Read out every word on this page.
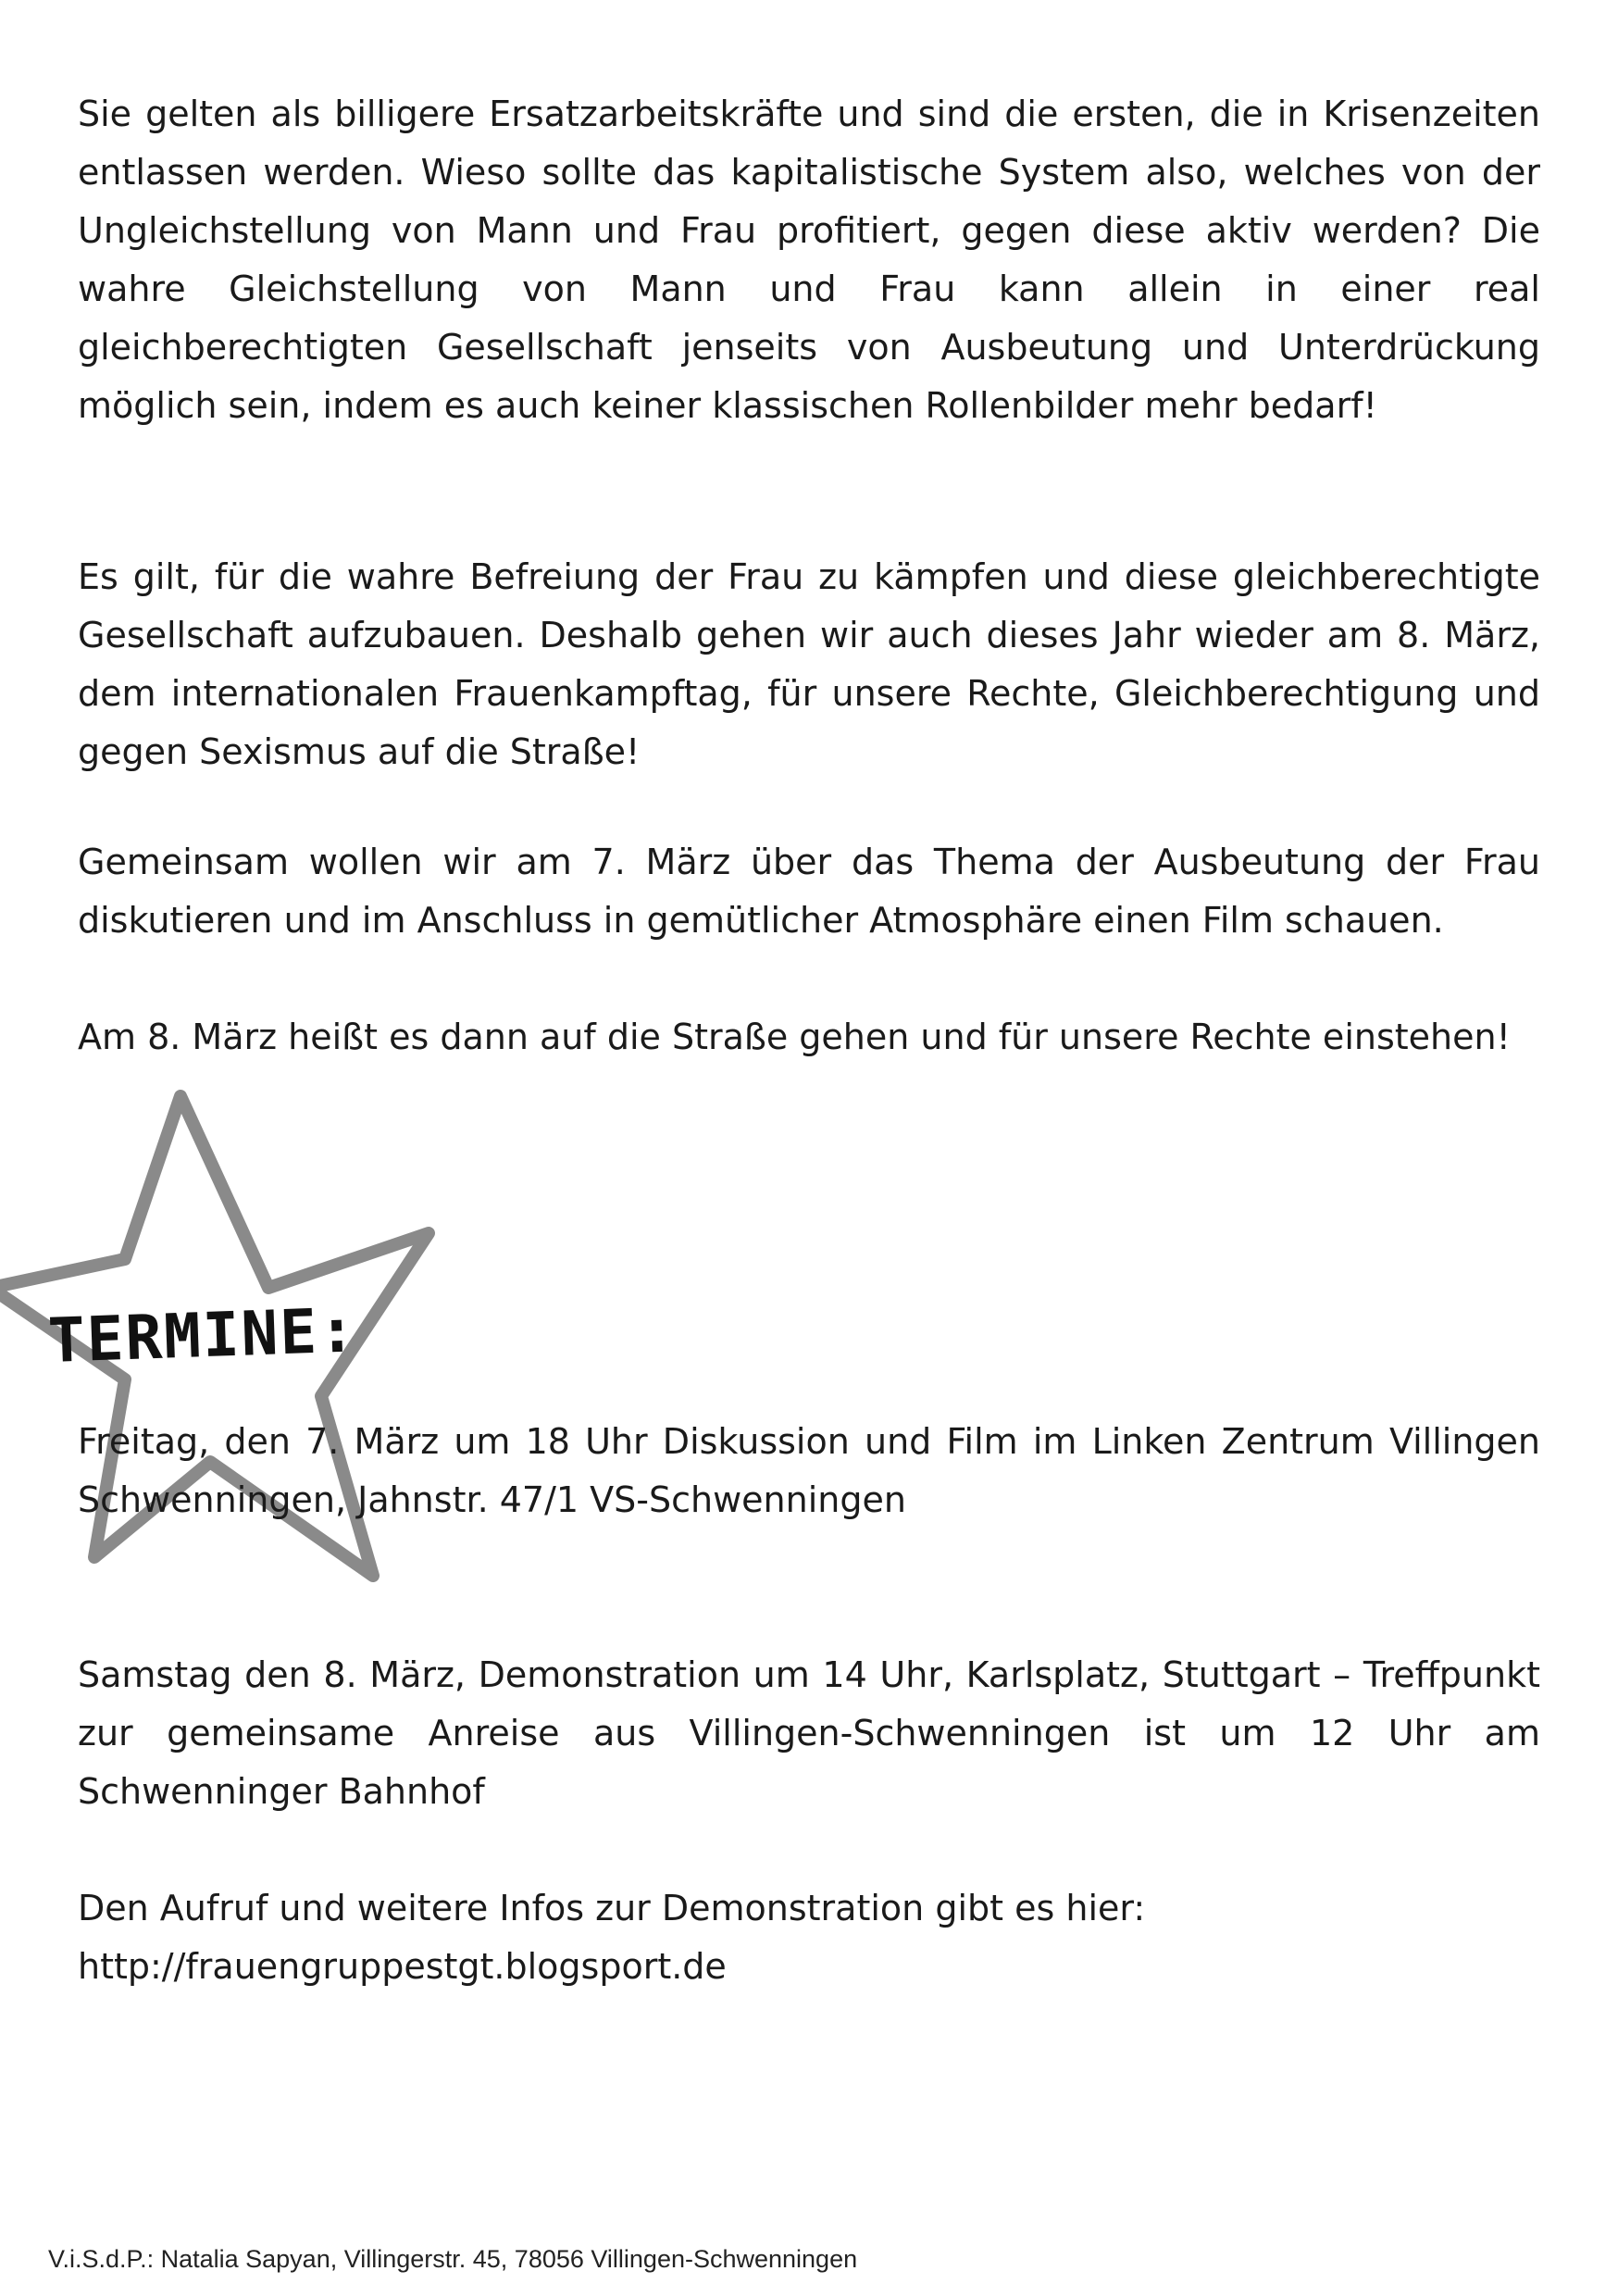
Sie gelten als billigere Ersatzarbeitskräfte und sind die ersten, die in Krisenzeiten entlassen werden. Wieso sollte das kapitalistische System also, welches von der Ungleichstellung von Mann und Frau profitiert, gegen diese aktiv werden? Die wahre Gleichstellung von Mann und Frau kann allein in einer real gleichberechtigten Gesellschaft jenseits von Ausbeutung und Unterdrückung möglich sein, indem es auch keiner klassischen Rollenbilder mehr bedarf!

Es gilt, für die wahre Befreiung der Frau zu kämpfen und diese gleichberechtigte Gesellschaft aufzubauen. Deshalb gehen wir auch dieses Jahr wieder am 8. März, dem internationalen Frauenkampftag, für unsere Rechte, Gleichberechtigung und gegen Sexismus auf die Straße!

Gemeinsam wollen wir am 7. März über das Thema der Ausbeutung der Frau diskutieren und im Anschluss in gemütlicher Atmosphäre einen Film schauen.

Am 8. März heißt es dann auf die Straße gehen und für unsere Rechte einstehen!

TERMINE:

Freitag, den 7. März um 18 Uhr Diskussion und Film im Linken Zentrum Villingen Schwenningen, Jahnstr. 47/1 VS-Schwenningen

Samstag den 8. März, Demonstration um 14 Uhr, Karlsplatz, Stuttgart – Treffpunkt zur gemeinsame Anreise aus Villingen-Schwenningen ist um 12 Uhr am Schwenninger Bahnhof

Den Aufruf und weitere Infos zur Demonstration gibt es hier:

http://frauengruppestgt.blogsport.de

V.i.S.d.P.: Natalia Sapyan, Villingerstr. 45, 78056 Villingen-Schwenningen
